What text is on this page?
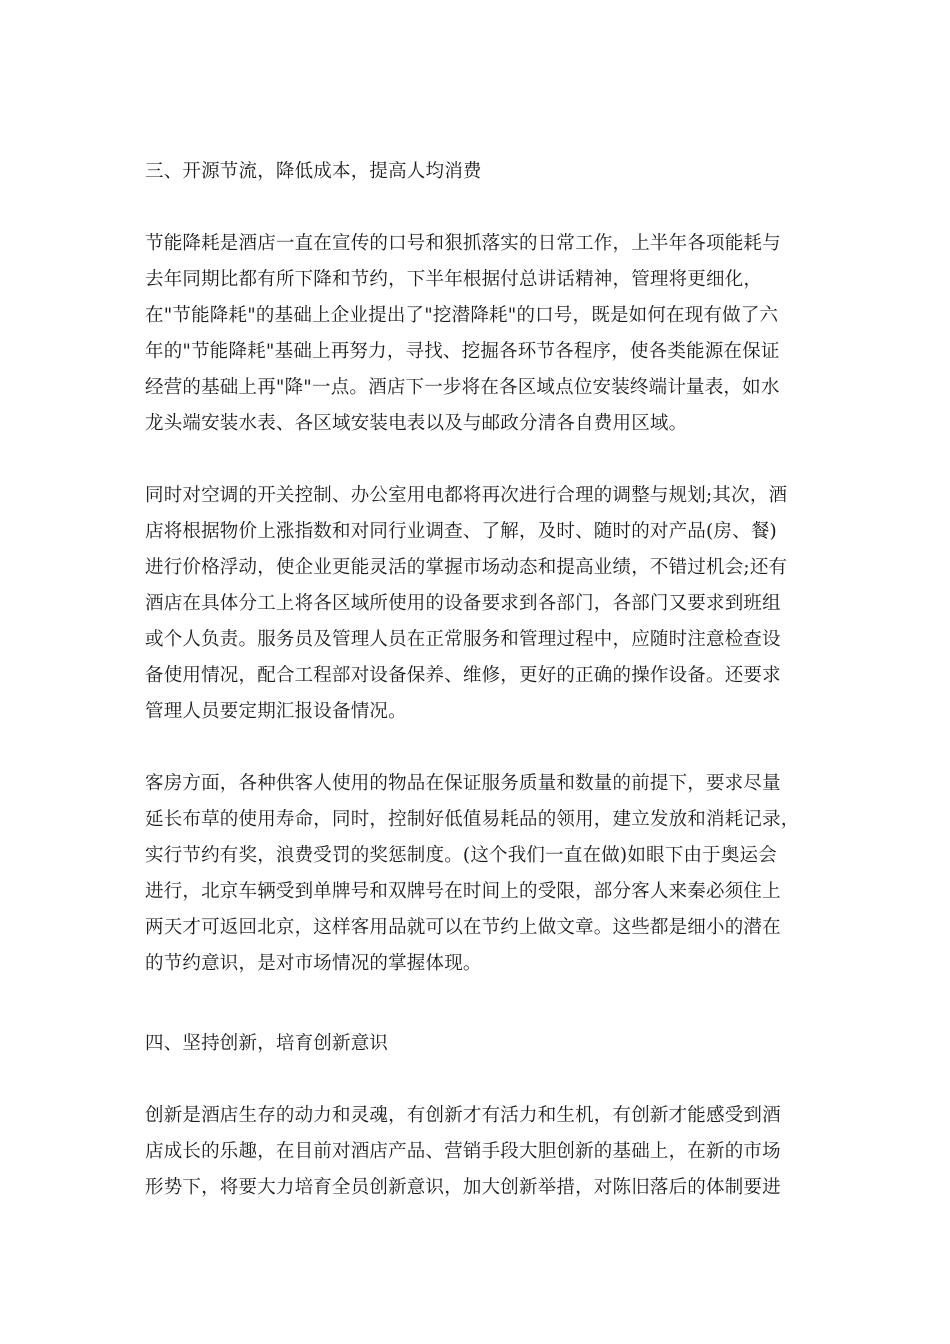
三、开源节流，降低成本，提高人均消费
节能降耗是酒店一直在宣传的口号和狠抓落实的日常工作，上半年各项能耗与
去年同期比都有所下降和节约，下半年根据付总讲话精神，管理将更细化，
在"节能降耗"的基础上企业提出了"挖潜降耗"的口号，既是如何在现有做了六
年的"节能降耗"基础上再努力，寻找、挖掘各环节各程序，使各类能源在保证
经营的基础上再"降"一点。酒店下一步将在各区域点位安装终端计量表，如水
龙头端安装水表、各区域安装电表以及与邮政分清各自费用区域。
同时对空调的开关控制、办公室用电都将再次进行合理的调整与规划;其次，酒
店将根据物价上涨指数和对同行业调查、了解，及时、随时的对产品(房、餐)
进行价格浮动，使企业更能灵活的掌握市场动态和提高业绩，不错过机会;还有
酒店在具体分工上将各区域所使用的设备要求到各部门，各部门又要求到班组
或个人负责。服务员及管理人员在正常服务和管理过程中，应随时注意检查设
备使用情况，配合工程部对设备保养、维修，更好的正确的操作设备。还要求
管理人员要定期汇报设备情况。
客房方面，各种供客人使用的物品在保证服务质量和数量的前提下，要求尽量
延长布草的使用寿命，同时，控制好低值易耗品的领用，建立发放和消耗记录，
实行节约有奖，浪费受罚的奖惩制度。(这个我们一直在做)如眼下由于奥运会
进行，北京车辆受到单牌号和双牌号在时间上的受限，部分客人来秦必须住上
两天才可返回北京，这样客用品就可以在节约上做文章。这些都是细小的潜在
的节约意识，是对市场情况的掌握体现。
四、坚持创新，培育创新意识
创新是酒店生存的动力和灵魂，有创新才有活力和生机，有创新才能感受到酒
店成长的乐趣，在目前对酒店产品、营销手段大胆创新的基础上，在新的市场
形势下，将要大力培育全员创新意识，加大创新举措，对陈旧落后的体制要进
